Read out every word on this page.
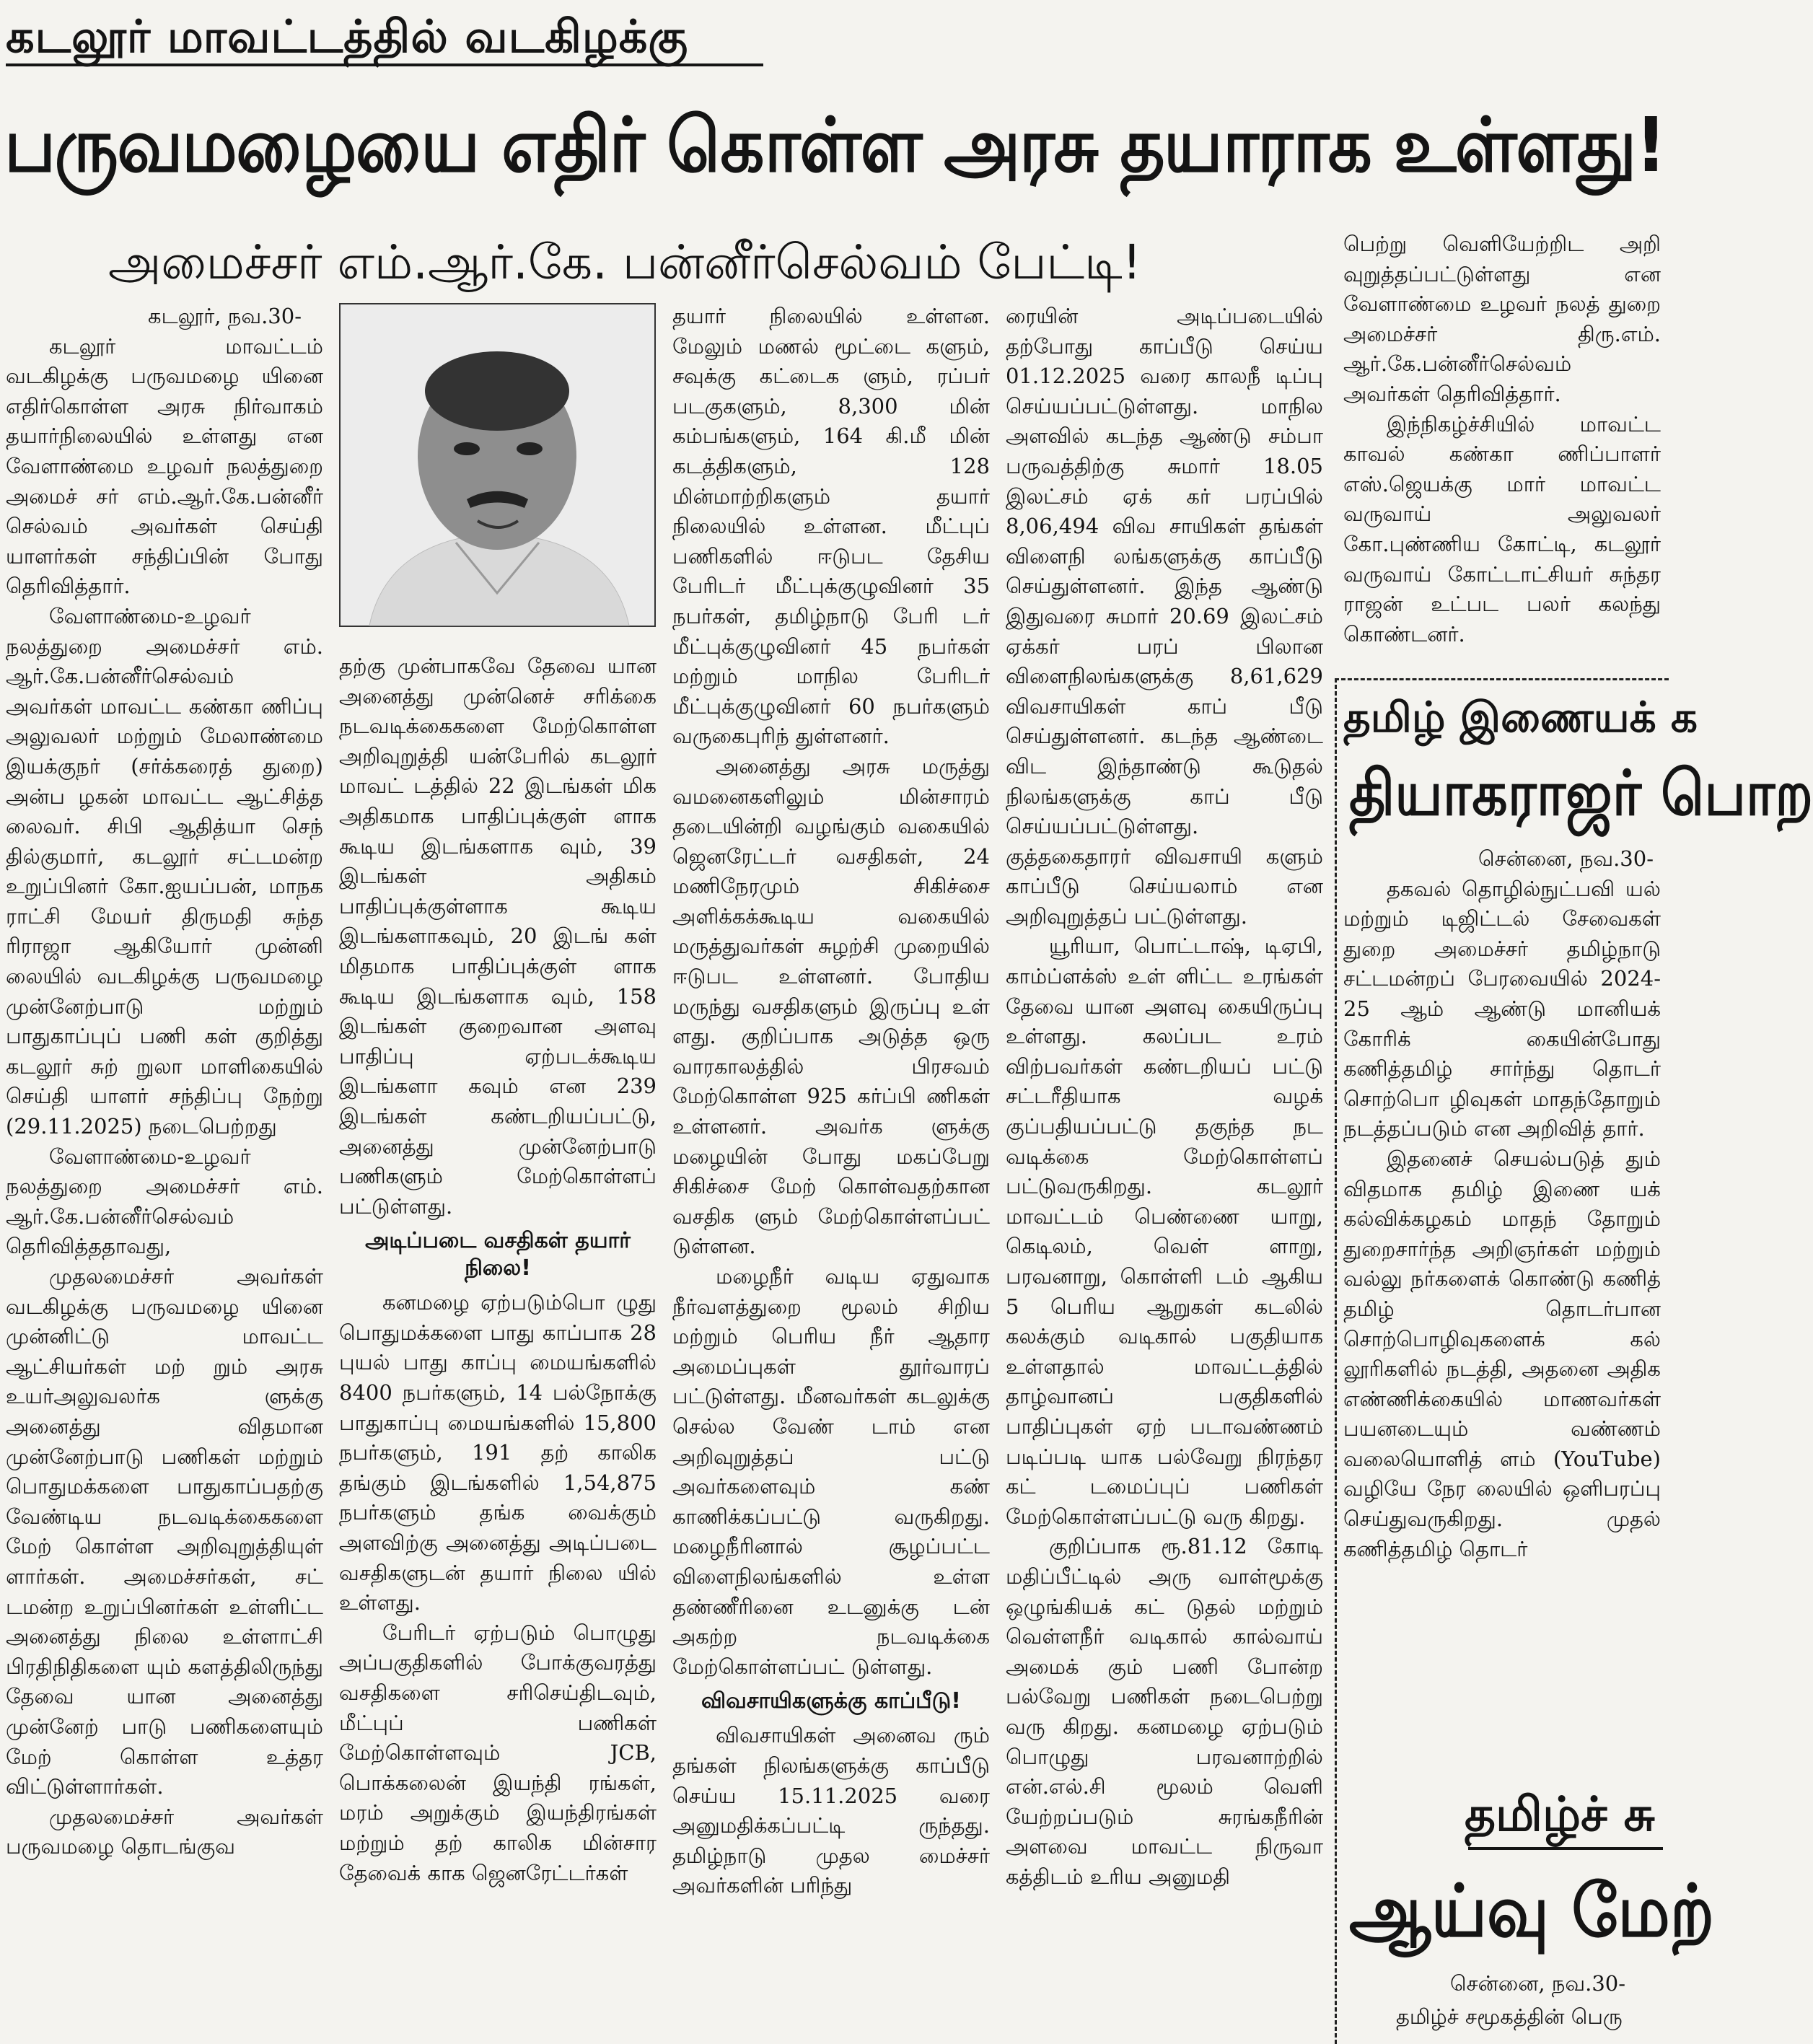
கடலூர் மாவட்டத்தில் வடகிழக்கு
பருவமழையை எதிர் கொள்ள அரசு தயாராக உள்ளது!
அமைச்சர் எம்.ஆர்.கே. பன்னீர்செல்வம் பேட்டி!
கடலூர், நவ.30-

கடலூர் மாவட்டம் வடகிழக்கு பருவமழை யினை எதிர்கொள்ள அரசு நிர்வாகம் தயார்நிலையில் உள்ளது என வேளாண்மை உழவர் நலத்துறை அமைச் சர் எம்.ஆர்.கே.பன்னீர் செல்வம் அவர்கள் செய்தி யாளர்கள் சந்திப்பின் போது தெரிவித்தார்.

வேளாண்மை-உழவர் நலத்துறை அமைச்சர் எம். ஆர்.கே.பன்னீர்செல்வம் அவர்கள் மாவட்ட கண்கா ணிப்பு அலுவலர் மற்றும் மேலாண்மை இயக்குநர் (சர்க்கரைத் துறை) அன்ப ழகன் மாவட்ட ஆட்சித்த லைவர். சிபி ஆதித்யா செந் தில்குமார், கடலூர் சட்டமன்ற உறுப்பினர் கோ.ஐயப்பன், மாநக ராட்சி மேயர் திருமதி சுந்த ரிராஜா ஆகியோர் முன்னி லையில் வடகிழக்கு பருவமழை முன்னேற்பாடு மற்றும் பாதுகாப்புப் பணி கள் குறித்து கடலூர் சுற் றுலா மாளிகையில் செய்தி யாளர் சந்திப்பு நேற்று (29.11.2025) நடைபெற்றது

வேளாண்மை-உழவர் நலத்துறை அமைச்சர் எம். ஆர்.கே.பன்னீர்செல்வம் தெரிவித்ததாவது,

முதலமைச்சர் அவர்கள் வடகிழக்கு பருவமழை யினை முன்னிட்டு மாவட்ட ஆட்சியர்கள் மற் றும் அரசு உயர்அலுவலர்க ளுக்கு அனைத்து விதமான முன்னேற்பாடு பணிகள் மற்றும் பொதுமக்களை பாதுகாப்பதற்கு வேண்டிய நடவடிக்கைகளை மேற் கொள்ள அறிவுறுத்தியுள் ளார்கள். அமைச்சர்கள், சட் டமன்ற உறுப்பினர்கள் உள்ளிட்ட அனைத்து நிலை உள்ளாட்சி பிரதிநிதிகளை யும் களத்திலிருந்து தேவை யான அனைத்து முன்னேற் பாடு பணிகளையும் மேற் கொள்ள உத்தர விட்டுள்ளார்கள்.

முதலமைச்சர் அவர்கள் பருவமழை தொடங்குவ

தற்கு முன்பாகவே தேவை யான அனைத்து முன்னெச் சரிக்கை நடவடிக்கைகளை மேற்கொள்ள அறிவுறுத்தி யன்பேரில் கடலூர் மாவட் டத்தில் 22 இடங்கள் மிக அதிகமாக பாதிப்புக்குள் ளாக கூடிய இடங்களாக வும், 39 இடங்கள் அதிகம் பாதிப்புக்குள்ளாக கூடிய இடங்களாகவும், 20 இடங் கள் மிதமாக பாதிப்புக்குள் ளாக கூடிய இடங்களாக வும், 158 இடங்கள் குறைவான அளவு பாதிப்பு ஏற்படக்கூடிய இடங்களா கவும் என 239 இடங்கள் கண்டறியப்பட்டு, அனைத்து முன்னேற்பாடு பணிகளும் மேற்கொள்ளப் பட்டுள்ளது.

அடிப்படை வசதிகள் தயார் நிலை!

கனமழை ஏற்படும்பொ ழுது பொதுமக்களை பாது காப்பாக 28 புயல் பாது காப்பு மையங்களில் 8400 நபர்களும், 14 பல்நோக்கு பாதுகாப்பு மையங்களில் 15,800 நபர்களும், 191 தற் காலிக தங்கும் இடங்களில் 1,54,875 நபர்களும் தங்க வைக்கும் அளவிற்கு அனைத்து அடிப்படை வசதிகளுடன் தயார் நிலை யில் உள்ளது.

பேரிடர் ஏற்படும் பொழுது அப்பகுதிகளில் போக்குவரத்து வசதிகளை சரிசெய்திடவும், மீட்புப் பணிகள் மேற்கொள்ளவும் JCB, பொக்கலைன் இயந்தி ரங்கள், மரம் அறுக்கும் இயந்திரங்கள் மற்றும் தற் காலிக மின்சார தேவைக் காக ஜெனரேட்டர்கள்

தயார் நிலையில் உள்ளன. மேலும் மணல் மூட்டை களும், சவுக்கு கட்டைக ளும், ரப்பர் படகுகளும், 8,300 மின் கம்பங்களும், 164 கி.மீ மின் கடத்திகளும், 128 மின்மாற்றிகளும் தயார் நிலையில் உள்ளன. மீட்புப் பணிகளில் ஈடுபட தேசிய பேரிடர் மீட்புக்குழுவினர் 35 நபர்கள், தமிழ்நாடு பேரி டர் மீட்புக்குழுவினர் 45 நபர்கள் மற்றும் மாநில பேரிடர் மீட்புக்குழுவினர் 60 நபர்களும் வருகைபுரிந் துள்ளனர்.

அனைத்து அரசு மருத்து வமனைகளிலும் மின்சாரம் தடையின்றி வழங்கும் வகையில் ஜெனரேட்டர் வசதிகள், 24 மணிநேரமும் சிகிச்சை அளிக்கக்கூடிய வகையில் மருத்துவர்கள் சுழற்சி முறையில் ஈடுபட உள்ளனர். போதிய மருந்து வசதிகளும் இருப்பு உள் ளது. குறிப்பாக அடுத்த ஒரு வாரகாலத்தில் பிரசவம் மேற்கொள்ள 925 கர்ப்பி ணிகள் உள்ளனர். அவர்க ளுக்கு மழையின் போது மகப்பேறு சிகிச்சை மேற் கொள்வதற்கான வசதிக ளும் மேற்கொள்ளப்பட் டுள்ளன.

மழைநீர் வடிய ஏதுவாக நீர்வளத்துறை மூலம் சிறிய மற்றும் பெரிய நீர் ஆதார அமைப்புகள் தூர்வாரப் பட்டுள்ளது. மீனவர்கள் கடலுக்கு செல்ல வேண் டாம் என அறிவுறுத்தப் பட்டு அவர்களைவும் கண் காணிக்கப்பட்டு வருகிறது. மழைநீரினால் சூழப்பட்ட விளைநிலங்களில் உள்ள தண்ணீரினை உடனுக்கு டன் அகற்ற நடவடிக்கை மேற்கொள்ளப்பட் டுள்ளது.

விவசாயிகளுக்கு காப்பீடு!

விவசாயிகள் அனைவ ரும் தங்கள் நிலங்களுக்கு காப்பீடு செய்ய 15.11.2025 வரை அனுமதிக்கப்பட்டி ருந்தது. தமிழ்நாடு முதல மைச்சர் அவர்களின் பரிந்து

ரையின் அடிப்படையில் தற்போது காப்பீடு செய்ய 01.12.2025 வரை காலநீ டிப்பு செய்யப்பட்டுள்ளது. மாநில அளவில் கடந்த ஆண்டு சம்பா பருவத்திற்கு சுமார் 18.05 இலட்சம் ஏக் கர் பரப்பில் 8,06,494 விவ சாயிகள் தங்கள் விளைநி லங்களுக்கு காப்பீடு செய்துள்ளனர். இந்த ஆண்டு இதுவரை சுமார் 20.69 இலட்சம் ஏக்கர் பரப் பிலான விளைநிலங்களுக்கு 8,61,629 விவசாயிகள் காப் பீடு செய்துள்ளனர். கடந்த ஆண்டை விட இந்தாண்டு கூடுதல் நிலங்களுக்கு காப் பீடு செய்யப்பட்டுள்ளது. குத்தகைதாரர் விவசாயி களும் காப்பீடு செய்யலாம் என அறிவுறுத்தப் பட்டுள்ளது.

யூரியா, பொட்டாஷ், டிஏபி, காம்ப்ளக்ஸ் உள் ளிட்ட உரங்கள் தேவை யான அளவு கையிருப்பு உள்ளது. கலப்பட உரம் விற்பவர்கள் கண்டறியப் பட்டு சட்டரீதியாக வழக் குப்பதியப்பட்டு தகுந்த நட வடிக்கை மேற்கொள்ளப் பட்டுவருகிறது. கடலூர் மாவட்டம் பெண்ணை யாறு, கெடிலம், வெள் ளாறு, பரவனாறு, கொள்ளி டம் ஆகிய 5 பெரிய ஆறுகள் கடலில் கலக்கும் வடிகால் பகுதியாக உள்ளதால் மாவட்டத்தில் தாழ்வானப் பகுதிகளில் பாதிப்புகள் ஏற் படாவண்ணம் படிப்படி யாக பல்வேறு நிரந்தர கட் டமைப்புப் பணிகள் மேற்கொள்ளப்பட்டு வரு கிறது.

குறிப்பாக ரூ.81.12 கோடி மதிப்பீட்டில் அரு வாள்மூக்கு ஒழுங்கியக் கட் டுதல் மற்றும் வெள்ளநீர் வடிகால் கால்வாய் அமைக் கும் பணி போன்ற பல்வேறு பணிகள் நடைபெற்று வரு கிறது. கனமழை ஏற்படும் பொழுது பரவனாற்றில் என்.எல்.சி மூலம் வெளி யேற்றப்படும் சுரங்கநீரின் அளவை மாவட்ட நிருவா கத்திடம் உரிய அனுமதி

பெற்று வெளியேற்றிட அறி வுறுத்தப்பட்டுள்ளது என வேளாண்மை உழவர் நலத் துறை அமைச்சர் திரு.எம். ஆர்.கே.பன்னீர்செல்வம் அவர்கள் தெரிவித்தார்.

இந்நிகழ்ச்சியில் மாவட்ட காவல் கண்கா ணிப்பாளர் எஸ்.ஜெயக்கு மார் மாவட்ட வருவாய் அலுவலர் கோ.புண்ணிய கோட்டி, கடலூர் வருவாய் கோட்டாட்சியர் சுந்தர ராஜன் உட்பட பலர் கலந்து கொண்டனர்.

தமிழ் இணையக் க
தியாகராஜர் பொற
சென்னை, நவ.30-

தகவல் தொழில்நுட்பவி யல் மற்றும் டிஜிட்டல் சேவைகள் துறை அமைச்சர் தமிழ்நாடு சட்டமன்றப் பேரவையில் 2024-25 ஆம் ஆண்டு மானியக் கோரிக் கையின்போது கணித்தமிழ் சார்ந்து தொடர் சொற்பொ ழிவுகள் மாதந்தோறும் நடத்தப்படும் என அறிவித் தார்.

இதனைச் செயல்படுத் தும் விதமாக தமிழ் இணை யக் கல்விக்கழகம் மாதந் தோறும் துறைசார்ந்த அறிஞர்கள் மற்றும் வல்லு நர்களைக் கொண்டு கணித் தமிழ் தொடர்பான சொற்பொழிவுகளைக் கல் லூரிகளில் நடத்தி, அதனை அதிக எண்ணிக்கையில் மாணவர்கள் பயனடையும் வண்ணம் வலையொளித் ளம் (YouTube) வழியே நேர லையில் ஒளிபரப்பு செய்துவருகிறது. முதல் கணித்தமிழ் தொடர்

தமிழ்ச் சு
ஆய்வு மேற்
சென்னை, நவ.30-
தமிழ்ச் சமூகத்தின் பெரு
